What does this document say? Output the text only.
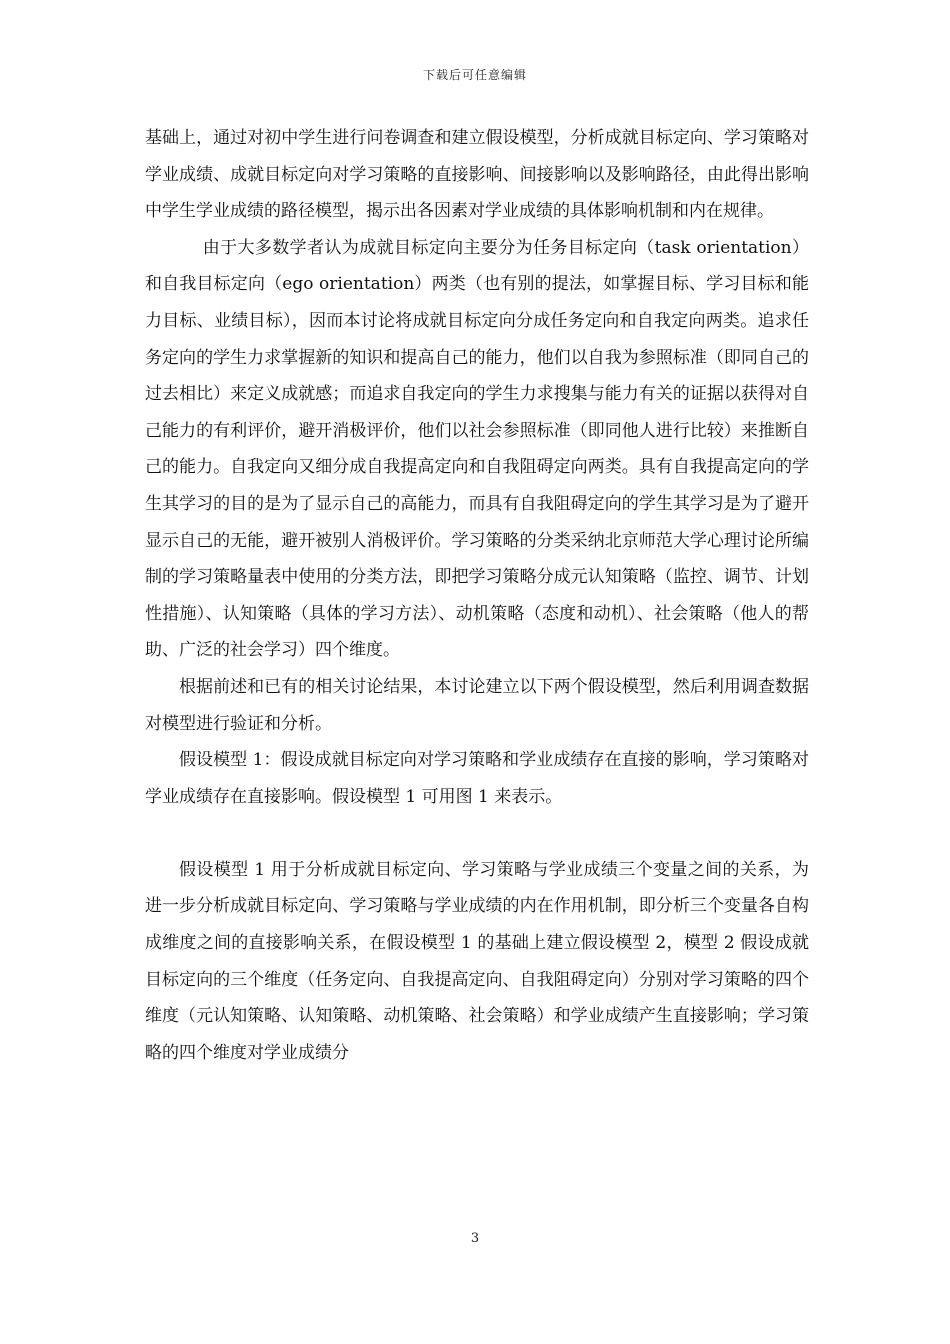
下载后可任意编辑

基础上，通过对初中学生进行问卷调查和建立假设模型，分析成就目标定向、学习策略对学业成绩、成就目标定向对学习策略的直接影响、间接影响以及影响路径，由此得出影响中学生学业成绩的路径模型，揭示出各因素对学业成绩的具体影响机制和内在规律。

由于大多数学者认为成就目标定向主要分为任务目标定向（task orientation）和自我目标定向（ego orientation）两类（也有别的提法，如掌握目标、学习目标和能力目标、业绩目标），因而本讨论将成就目标定向分成任务定向和自我定向两类。追求任务定向的学生力求掌握新的知识和提高自己的能力，他们以自我为参照标准（即同自己的过去相比）来定义成就感；而追求自我定向的学生力求搜集与能力有关的证据以获得对自己能力的有利评价，避开消极评价，他们以社会参照标准（即同他人进行比较）来推断自己的能力。自我定向又细分成自我提高定向和自我阻碍定向两类。具有自我提高定向的学生其学习的目的是为了显示自己的高能力，而具有自我阻碍定向的学生其学习是为了避开显示自己的无能，避开被别人消极评价。学习策略的分类采纳北京师范大学心理讨论所编制的学习策略量表中使用的分类方法，即把学习策略分成元认知策略（监控、调节、计划性措施）、认知策略（具体的学习方法）、动机策略（态度和动机）、社会策略（他人的帮助、广泛的社会学习）四个维度。

根据前述和已有的相关讨论结果，本讨论建立以下两个假设模型，然后利用调查数据对模型进行验证和分析。

假设模型 1：假设成就目标定向对学习策略和学业成绩存在直接的影响，学习策略对学业成绩存在直接影响。假设模型 1 可用图 1 来表示。

假设模型 1 用于分析成就目标定向、学习策略与学业成绩三个变量之间的关系，为进一步分析成就目标定向、学习策略与学业成绩的内在作用机制，即分析三个变量各自构成维度之间的直接影响关系，在假设模型 1 的基础上建立假设模型 2，模型 2 假设成就目标定向的三个维度（任务定向、自我提高定向、自我阻碍定向）分别对学习策略的四个维度（元认知策略、认知策略、动机策略、社会策略）和学业成绩产生直接影响；学习策略的四个维度对学业成绩分

3
